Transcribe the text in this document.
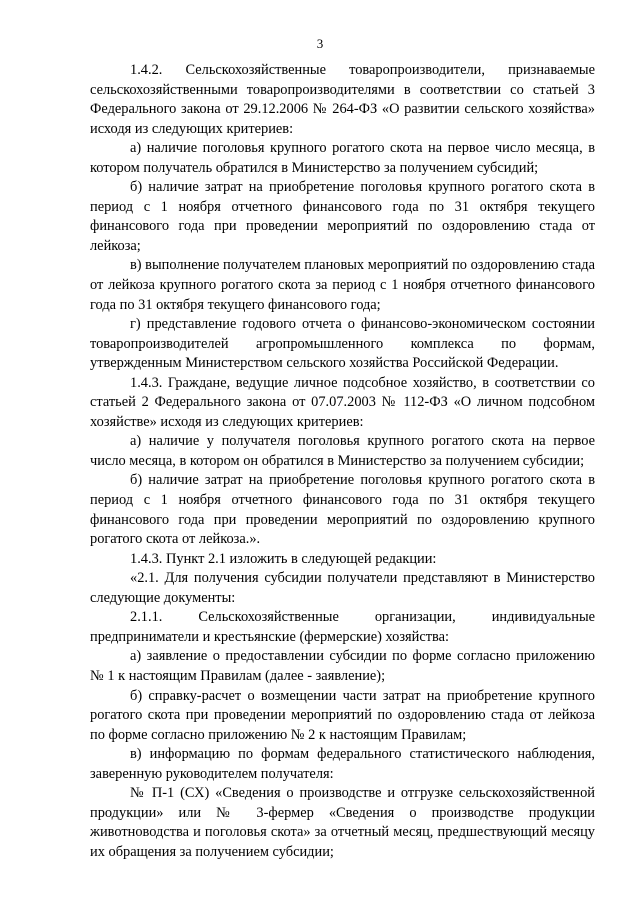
3

1.4.2. Сельскохозяйственные товаропроизводители, признаваемые сельскохозяйственными товаропроизводителями в соответствии со статьей 3 Федерального закона от 29.12.2006 № 264-ФЗ «О развитии сельского хозяйства» исходя из следующих критериев:

а) наличие поголовья крупного рогатого скота на первое число месяца, в котором получатель обратился в Министерство за получением субсидий;

б) наличие затрат на приобретение поголовья крупного рогатого скота в период с 1 ноября отчетного финансового года по 31 октября текущего финансового года при проведении мероприятий по оздоровлению стада от лейкоза;

в) выполнение получателем плановых мероприятий по оздоровлению стада от лейкоза крупного рогатого скота за период с 1 ноября отчетного финансового года по 31 октября текущего финансового года;

г) представление годового отчета о финансово-экономическом состоянии товаропроизводителей агропромышленного комплекса по формам, утвержденным Министерством сельского хозяйства Российской Федерации.

1.4.3. Граждане, ведущие личное подсобное хозяйство, в соответствии со статьей 2 Федерального закона от 07.07.2003 № 112-ФЗ «О личном подсобном хозяйстве» исходя из следующих критериев:

а) наличие у получателя поголовья крупного рогатого скота на первое число месяца, в котором он обратился в Министерство за получением субсидии;

б) наличие затрат на приобретение поголовья крупного рогатого скота в период с 1 ноября отчетного финансового года по 31 октября текущего финансового года при проведении мероприятий по оздоровлению крупного рогатого скота от лейкоза.».

1.4.3. Пункт 2.1 изложить в следующей редакции:

«2.1. Для получения субсидии получатели представляют в Министерство следующие документы:

2.1.1. Сельскохозяйственные организации, индивидуальные предприниматели и крестьянские (фермерские) хозяйства:

а) заявление о предоставлении субсидии по форме согласно приложению № 1 к настоящим Правилам (далее - заявление);

б) справку-расчет о возмещении части затрат на приобретение крупного рогатого скота при проведении мероприятий по оздоровлению стада от лейкоза по форме согласно приложению № 2 к настоящим Правилам;

в) информацию по формам федерального статистического наблюдения, заверенную руководителем получателя:

№ П-1 (СХ) «Сведения о производстве и отгрузке сельскохозяйственной продукции» или № 3-фермер «Сведения о производстве продукции животноводства и поголовья скота» за отчетный месяц, предшествующий месяцу их обращения за получением субсидии;
